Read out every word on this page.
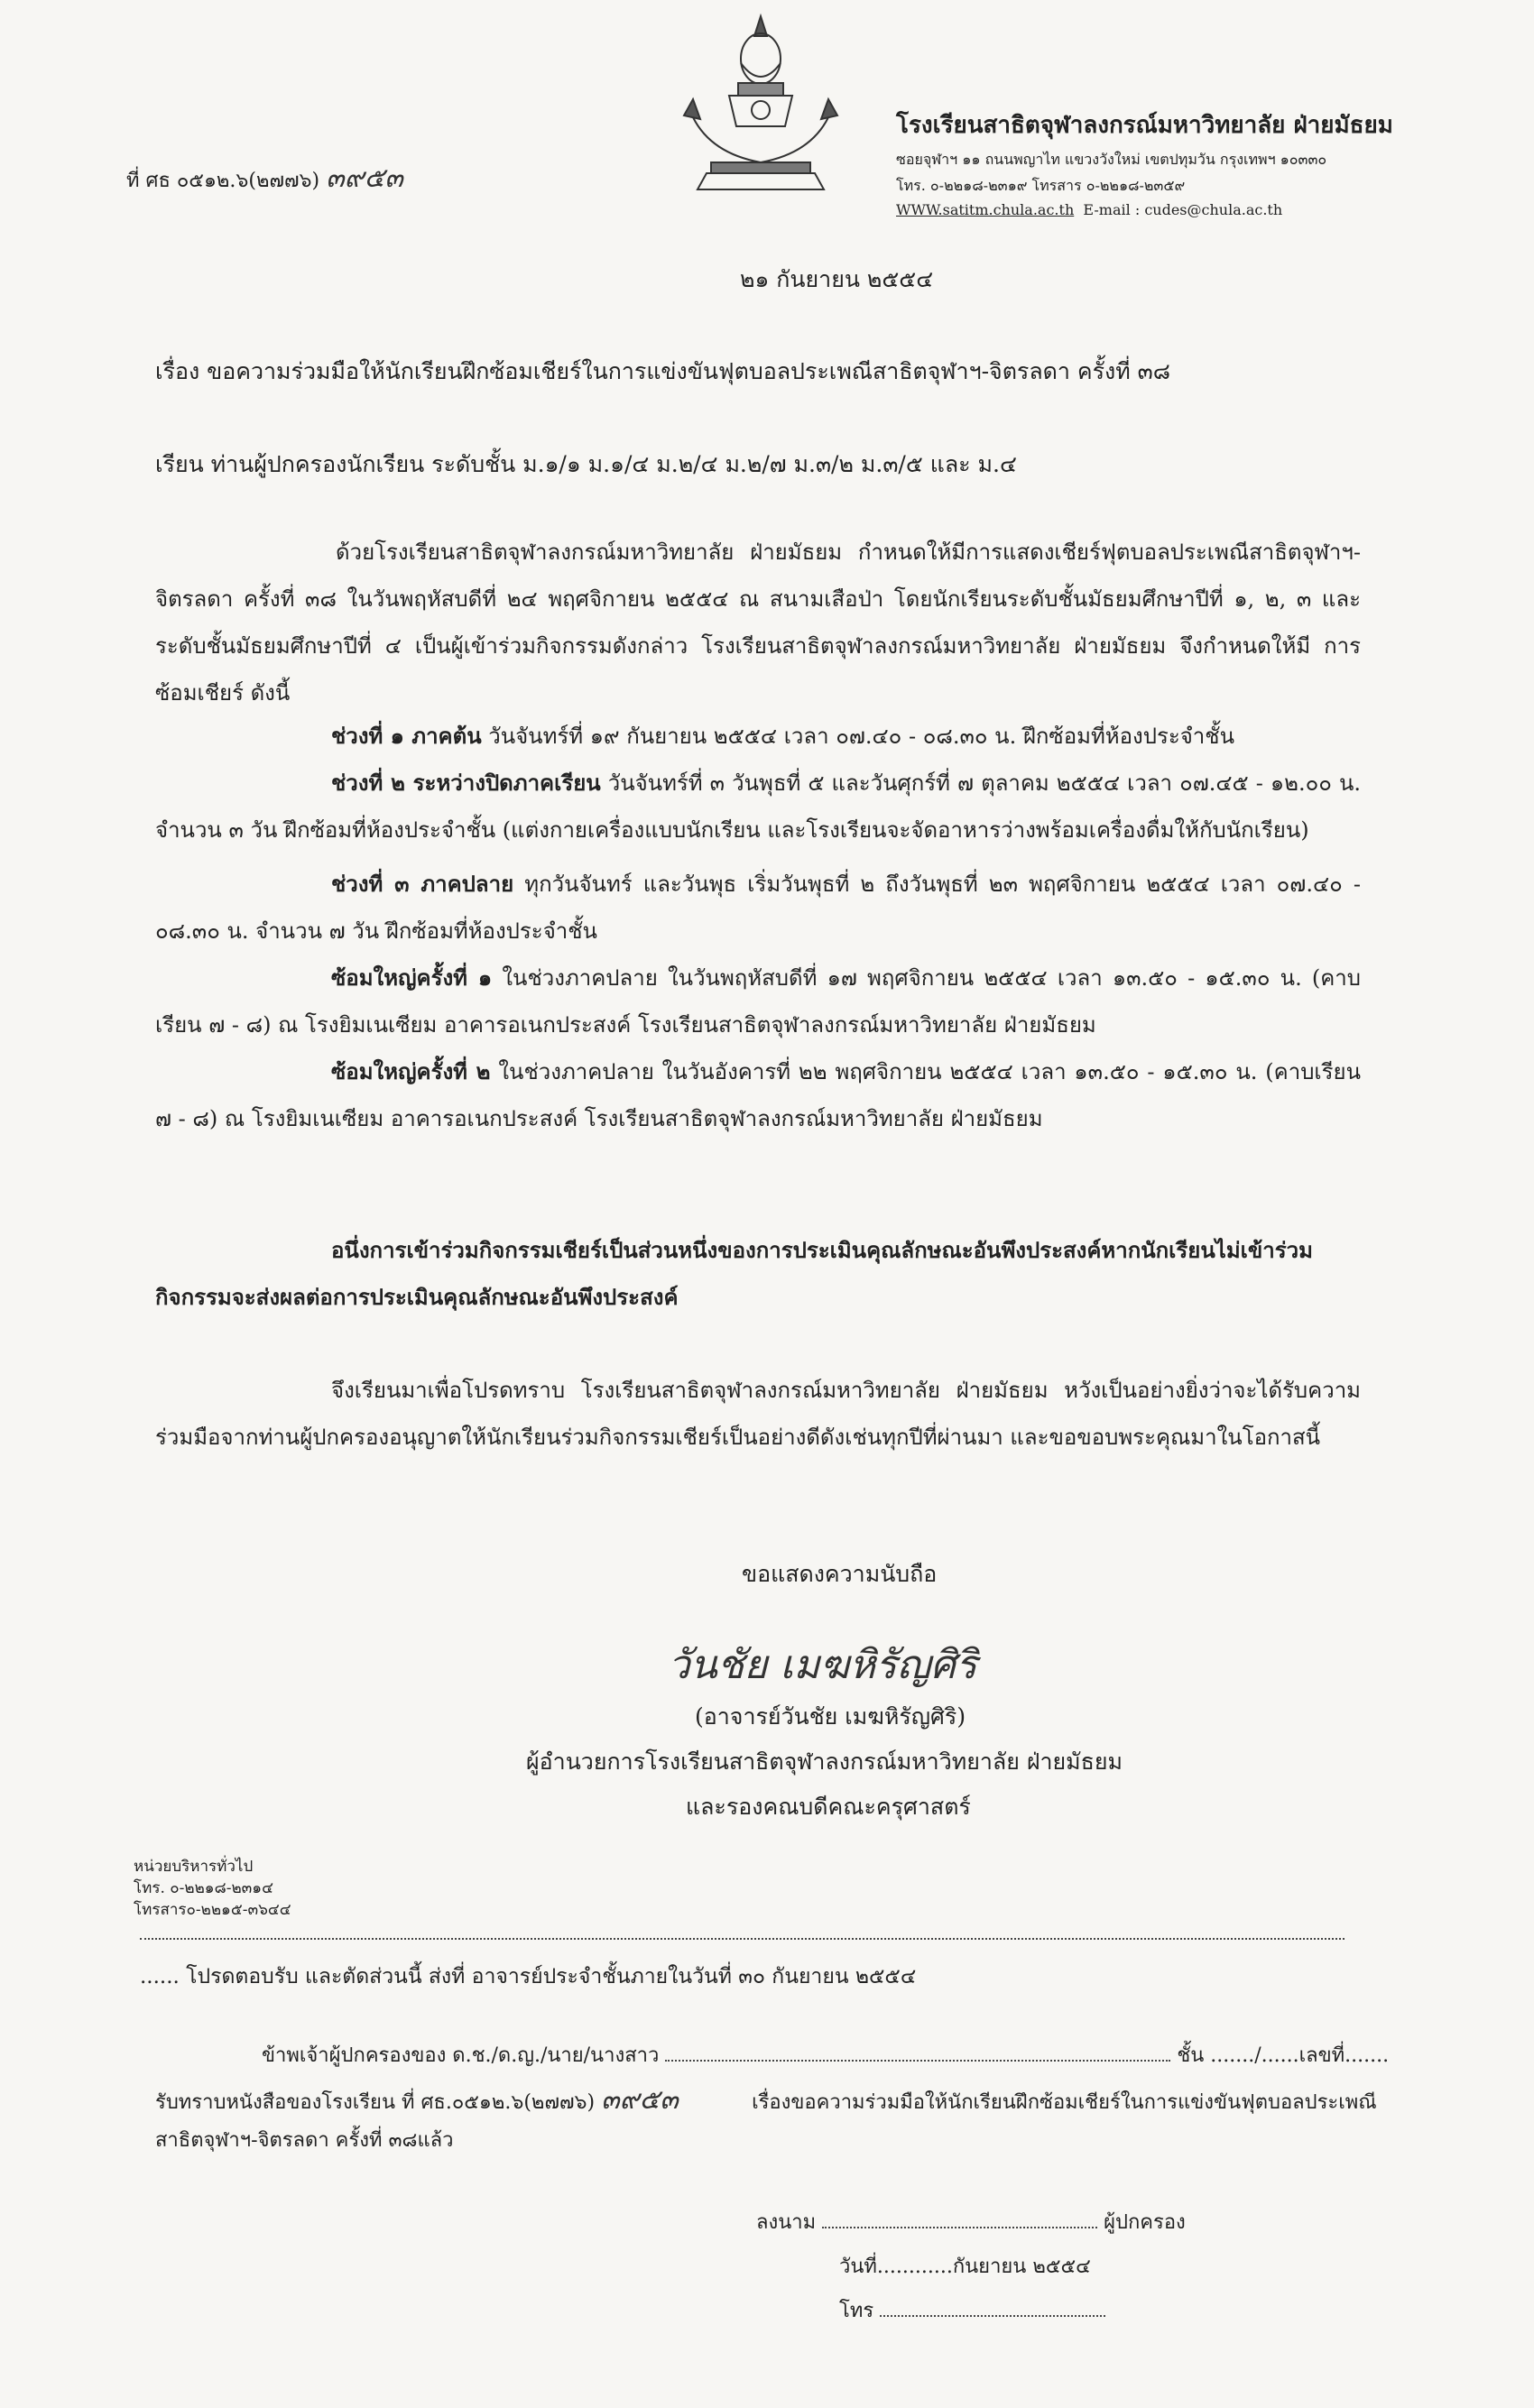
ที่ ศธ ๐๕๑๒.๖(๒๗๗๖) ๓๙๕๓
โรงเรียนสาธิตจุฬาลงกรณ์มหาวิทยาลัย ฝ่ายมัธยม
ซอยจุฬาฯ ๑๑ ถนนพญาไท แขวงวังใหม่ เขตปทุมวัน กรุงเทพฯ ๑๐๓๓๐
โทร. ๐-๒๒๑๘-๒๓๑๙ โทรสาร ๐-๒๒๑๘-๒๓๕๙
WWW.satitm.chula.ac.th E-mail : cudes@chula.ac.th
๒๑ กันยายน ๒๕๕๔
เรื่อง ขอความร่วมมือให้นักเรียนฝึกซ้อมเชียร์ในการแข่งขันฟุตบอลประเพณีสาธิตจุฬาฯ-จิตรลดา ครั้งที่ ๓๘
เรียน ท่านผู้ปกครองนักเรียน ระดับชั้น ม.๑/๑ ม.๑/๔ ม.๒/๔ ม.๒/๗ ม.๓/๒ ม.๓/๕ และ ม.๔
ด้วยโรงเรียนสาธิตจุฬาลงกรณ์มหาวิทยาลัย ฝ่ายมัธยม กำหนดให้มีการแสดงเชียร์ฟุตบอลประเพณีสาธิตจุฬาฯ-จิตรลดา ครั้งที่ ๓๘ ในวันพฤหัสบดีที่ ๒๔ พฤศจิกายน ๒๕๕๔ ณ สนามเสือป่า โดยนักเรียนระดับชั้นมัธยมศึกษาปีที่ ๑, ๒, ๓ และระดับชั้นมัธยมศึกษาปีที่ ๔ เป็นผู้เข้าร่วมกิจกรรมดังกล่าว โรงเรียนสาธิตจุฬาลงกรณ์มหาวิทยาลัย ฝ่ายมัธยม จึงกำหนดให้มี การซ้อมเชียร์ ดังนี้
ช่วงที่ ๑ ภาคต้น วันจันทร์ที่ ๑๙ กันยายน ๒๕๕๔ เวลา ๐๗.๔๐ - ๐๘.๓๐ น. ฝึกซ้อมที่ห้องประจำชั้น
ช่วงที่ ๒ ระหว่างปิดภาคเรียน วันจันทร์ที่ ๓ วันพุธที่ ๕ และวันศุกร์ที่ ๗ ตุลาคม ๒๕๕๔ เวลา ๐๗.๔๕ - ๑๒.๐๐ น. จำนวน ๓ วัน ฝึกซ้อมที่ห้องประจำชั้น (แต่งกายเครื่องแบบนักเรียน และโรงเรียนจะจัดอาหารว่างพร้อมเครื่องดื่มให้กับนักเรียน)
ช่วงที่ ๓ ภาคปลาย ทุกวันจันทร์ และวันพุธ เริ่มวันพุธที่ ๒ ถึงวันพุธที่ ๒๓ พฤศจิกายน ๒๕๕๔ เวลา ๐๗.๔๐ - ๐๘.๓๐ น. จำนวน ๗ วัน ฝึกซ้อมที่ห้องประจำชั้น
ซ้อมใหญ่ครั้งที่ ๑ ในช่วงภาคปลาย ในวันพฤหัสบดีที่ ๑๗ พฤศจิกายน ๒๕๕๔ เวลา ๑๓.๕๐ - ๑๕.๓๐ น. (คาบเรียน ๗ - ๘) ณ โรงยิมเนเซียม อาคารอเนกประสงค์ โรงเรียนสาธิตจุฬาลงกรณ์มหาวิทยาลัย ฝ่ายมัธยม
ซ้อมใหญ่ครั้งที่ ๒ ในช่วงภาคปลาย ในวันอังคารที่ ๒๒ พฤศจิกายน ๒๕๕๔ เวลา ๑๓.๕๐ - ๑๕.๓๐ น. (คาบเรียน ๗ - ๘) ณ โรงยิมเนเซียม อาคารอเนกประสงค์ โรงเรียนสาธิตจุฬาลงกรณ์มหาวิทยาลัย ฝ่ายมัธยม
อนึ่งการเข้าร่วมกิจกรรมเชียร์เป็นส่วนหนึ่งของการประเมินคุณลักษณะอันพึงประสงค์หากนักเรียนไม่เข้าร่วมกิจกรรมจะส่งผลต่อการประเมินคุณลักษณะอันพึงประสงค์
จึงเรียนมาเพื่อโปรดทราบ โรงเรียนสาธิตจุฬาลงกรณ์มหาวิทยาลัย ฝ่ายมัธยม หวังเป็นอย่างยิ่งว่าจะได้รับความร่วมมือจากท่านผู้ปกครองอนุญาตให้นักเรียนร่วมกิจกรรมเชียร์เป็นอย่างดีดังเช่นทุกปีที่ผ่านมา และขอขอบพระคุณมาในโอกาสนี้
ขอแสดงความนับถือ
วันชัย เมฆหิรัญศิริ
(อาจารย์วันชัย เมฆหิรัญศิริ)
ผู้อำนวยการโรงเรียนสาธิตจุฬาลงกรณ์มหาวิทยาลัย ฝ่ายมัธยม
และรองคณบดีคณะครุศาสตร์
หน่วยบริหารทั่วไป
โทร. ๐-๒๒๑๘-๒๓๑๔
โทรสาร๐-๒๒๑๕-๓๖๔๔
...... โปรดตอบรับ และตัดส่วนนี้ ส่งที่ อาจารย์ประจำชั้นภายในวันที่ ๓๐ กันยายน ๒๕๕๔
ข้าพเจ้าผู้ปกครองของ ด.ช./ด.ญ./นาย/นางสาว	ชั้น ......./......เลขที่.......
รับทราบหนังสือของโรงเรียน ที่ ศธ.๐๕๑๒.๖(๒๗๗๖) ๓๙๕๓	เรื่องขอความร่วมมือให้นักเรียนฝึกซ้อมเชียร์ในการแข่งขันฟุตบอลประเพณี
สาธิตจุฬาฯ-จิตรลดา ครั้งที่ ๓๘แล้ว
ลงนาม	ผู้ปกครอง
วันที่............กันยายน ๒๕๕๔
โทร
